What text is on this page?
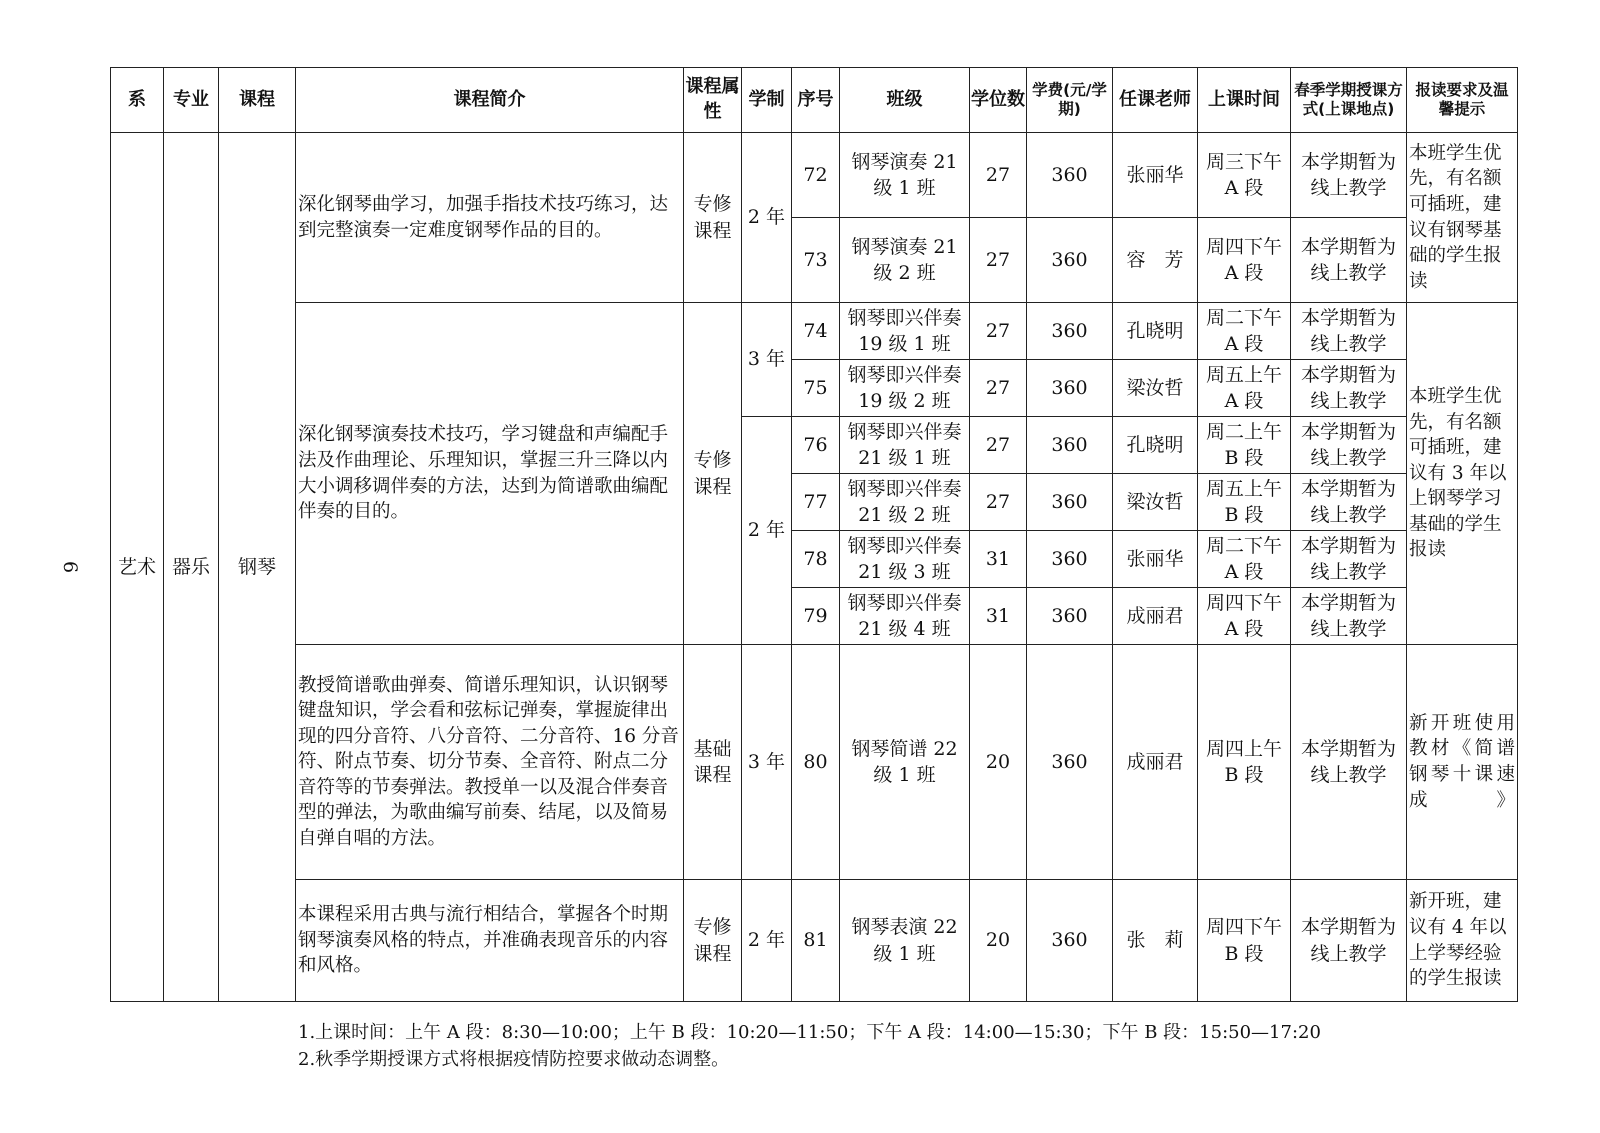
6
系	专业	课程	课程简介	课程属性	学制	序号	班级	学位数	学费(元/学期)	任课老师	上课时间	春季学期授课方式(上课地点)	报读要求及温馨提示
艺术	器乐	钢琴	深化钢琴曲学习，加强手指技术技巧练习，达到完整演奏一定难度钢琴作品的目的。	专修课程	2 年	72	钢琴演奏 21 级 1 班	27	360	张丽华	周三下午 A 段	本学期暂为线上教学	本班学生优先，有名额可插班，建议有钢琴基础的学生报读
						73	钢琴演奏 21 级 2 班	27	360	容　芳	周四下午 A 段	本学期暂为线上教学	
			深化钢琴演奏技术技巧，学习键盘和声编配手法及作曲理论、乐理知识，掌握三升三降以内大小调移调伴奏的方法，达到为简谱歌曲编配伴奏的目的。	专修课程	3 年	74	钢琴即兴伴奏 19 级 1 班	27	360	孔晓明	周二下午 A 段	本学期暂为线上教学	本班学生优先，有名额可插班，建议有 3 年以上钢琴学习基础的学生报读
						75	钢琴即兴伴奏 19 级 2 班	27	360	梁汝哲	周五上午 A 段	本学期暂为线上教学	
					2 年	76	钢琴即兴伴奏 21 级 1 班	27	360	孔晓明	周二上午 B 段	本学期暂为线上教学	
						77	钢琴即兴伴奏 21 级 2 班	27	360	梁汝哲	周五上午 B 段	本学期暂为线上教学	
						78	钢琴即兴伴奏 21 级 3 班	31	360	张丽华	周二下午 A 段	本学期暂为线上教学	
						79	钢琴即兴伴奏 21 级 4 班	31	360	成丽君	周四下午 A 段	本学期暂为线上教学	
			教授简谱歌曲弹奏、简谱乐理知识，认识钢琴键盘知识，学会看和弦标记弹奏，掌握旋律出现的四分音符、八分音符、二分音符、16 分音符、附点节奏、切分节奏、全音符、附点二分音符等的节奏弹法。教授单一以及混合伴奏音型的弹法，为歌曲编写前奏、结尾，以及简易自弹自唱的方法。	基础课程	3 年	80	钢琴简谱 22 级 1 班	20	360	成丽君	周四上午 B 段	本学期暂为线上教学	新开班使用教材《简谱钢琴十课速成》
			本课程采用古典与流行相结合，掌握各个时期钢琴演奏风格的特点，并准确表现音乐的内容和风格。	专修课程	2 年	81	钢琴表演 22 级 1 班	20	360	张　莉	周四下午 B 段	本学期暂为线上教学	新开班，建议有 4 年以上学琴经验的学生报读
1.上课时间：上午 A 段：8:30—10:00；上午 B 段：10:20—11:50；下午 A 段：14:00—15:30；下午 B 段：15:50—17:20
2.秋季学期授课方式将根据疫情防控要求做动态调整。
